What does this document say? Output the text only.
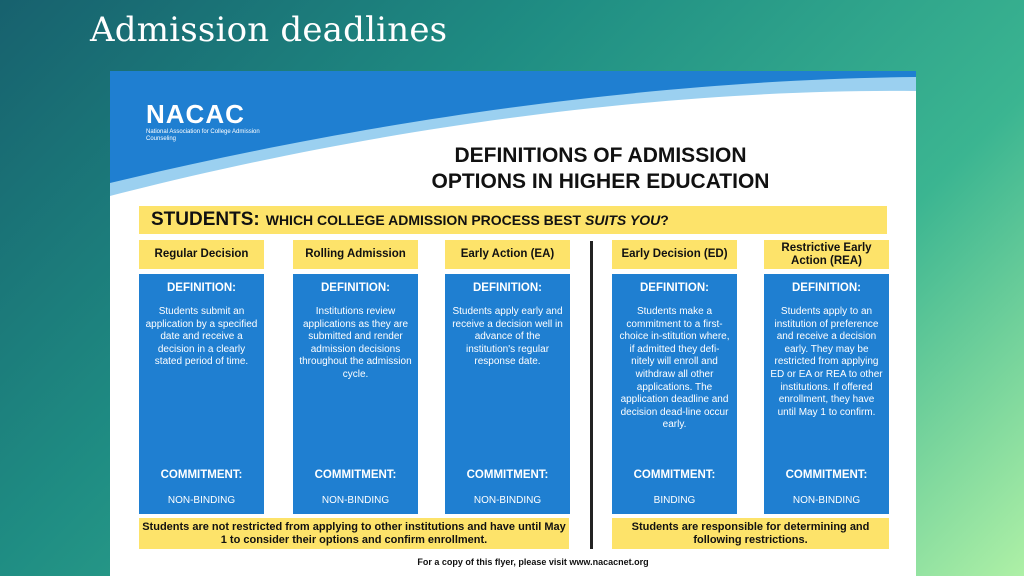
Admission deadlines
NACAC
National Association for College Admission Counseling
DEFINITIONS OF ADMISSION
OPTIONS IN HIGHER EDUCATION
STUDENTS: WHICH COLLEGE ADMISSION PROCESS BEST SUITS YOU ?
Regular Decision
DEFINITION:
Students submit an application by a specified date and receive a decision in a clearly stated period of time.
COMMITMENT:
NON-BINDING
Rolling Admission
DEFINITION:
Institutions review applications as they are submitted and render admission decisions throughout the admission cycle.
COMMITMENT:
NON-BINDING
Early Action (EA)
DEFINITION:
Students apply early and receive a decision well in advance of the institution's regular response date.
COMMITMENT:
NON-BINDING
Early Decision (ED)
DEFINITION:
Students make a commitment to a first-choice in-stitution where, if admitted they defi-nitely will enroll and withdraw all other applications. The application deadline and decision dead-line occur early.
COMMITMENT:
BINDING
Restrictive Early Action (REA)
DEFINITION:
Students apply to an institution of preference and receive a decision early. They may be restricted from applying ED or EA or REA to other institutions. If offered enrollment, they have until May 1 to confirm.
COMMITMENT:
NON-BINDING
Students are not restricted from applying to other institutions and have until May 1 to consider their options and confirm enrollment.
Students are responsible for determining and following restrictions.
For a copy of this flyer, please visit www.nacacnet.org
